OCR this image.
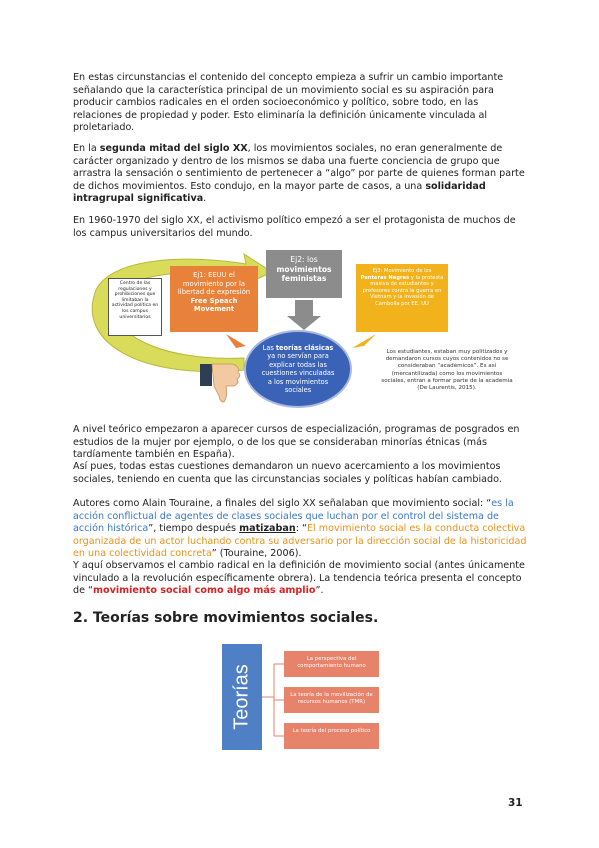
En estas circunstancias el contenido del concepto empieza a sufrir un cambio importante señalando que la característica principal de un movimiento social es su aspiración para producir cambios radicales en el orden socioeconómico y político, sobre todo, en las relaciones de propiedad y poder. Esto eliminaría la definición únicamente vinculada al proletariado.

En la segunda mitad del siglo XX, los movimientos sociales, no eran generalmente de carácter organizado y dentro de los mismos se daba una fuerte conciencia de grupo que arrastra la sensación o sentimiento de pertenecer a “algo” por parte de quienes forman parte de dichos movimientos. Esto condujo, en la mayor parte de casos, a una solidaridad intragrupal significativa.

En 1960-1970 del siglo XX, el activismo político empezó a ser el protagonista de muchos de los campus universitarios del mundo.

Centro de las regulaciones y prohibiciones que limitaban la actividad política en los campus universitarios
Ej1: EEUU el movimiento por la libertad de expresión Free Speach Movement
Ej2: los movimientos feministas
Ej3: Movimiento de los Panteras Negras y la protesta masiva de estudiantes y profesores contra la guerra en Vietnam y la invasión de Cambolla por EE. UU
Las teorías clásicas ya no servían para explicar todas las cuestiones vinculadas a los movimientos sociales
Los estudiantes, estaban muy politizados y demandaron cursos cuyos contenidos no se consideraban “académicos”. Es así (mercantilizada) como los movimientos sociales, entran a formar parte de la academia (De Laurentis, 2015).

A nivel teórico empezaron a aparecer cursos de especialización, programas de posgrados en estudios de la mujer por ejemplo, o de los que se consideraban minorías étnicas (más tardíamente también en España).

Así pues, todas estas cuestiones demandaron un nuevo acercamiento a los movimientos sociales, teniendo en cuenta que las circunstancias sociales y políticas habían cambiado.

Autores como Alain Touraine, a finales del siglo XX señalaban que movimiento social: “es la acción conflictual de agentes de clases sociales que luchan por el control del sistema de acción histórica”, tiempo después matizaban: “El movimiento social es la conducta colectiva organizada de un actor luchando contra su adversario por la dirección social de la historicidad en una colectividad concreta” (Touraine, 2006).

Y aquí observamos el cambio radical en la definición de movimiento social (antes únicamente vinculado a la revolución específicamente obrera). La tendencia teórica presenta el concepto de “movimiento social como algo más amplio”.

2. Teorías sobre movimientos sociales.
Teorías
La perspectiva del comportamiento humano
La teoría de la movilización de recursos humanos (TMR)
La teoría del proceso político
31
